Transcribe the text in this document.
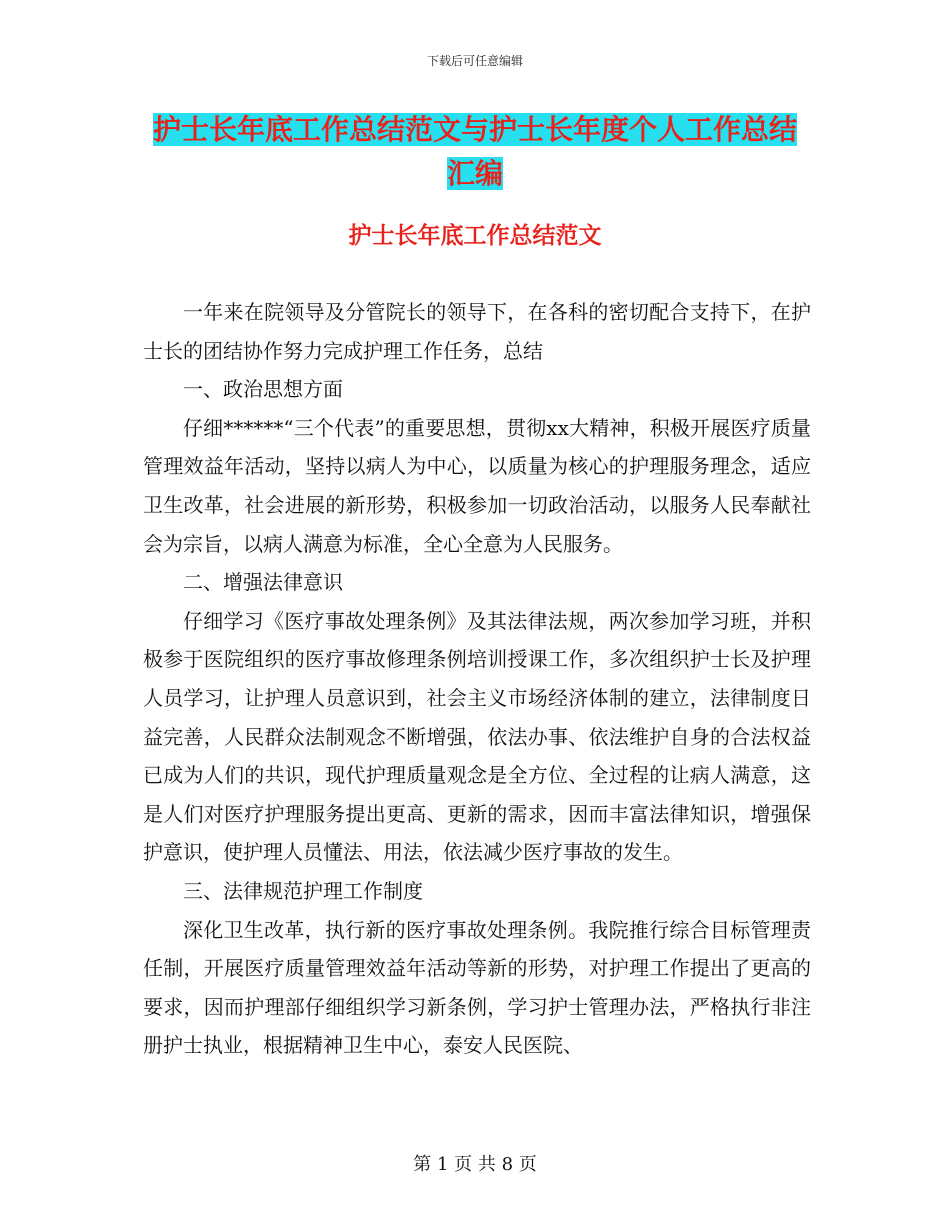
下载后可任意编辑
护士长年底工作总结范文与护士长年度个人工作总结
汇编
护士长年底工作总结范文

一年来在院领导及分管院长的领导下，在各科的密切配合支持下，在护士长的团结协作努力完成护理工作任务，总结

一、政治思想方面

仔细******“三个代表”的重要思想，贯彻xx大精神，积极开展医疗质量管理效益年活动，坚持以病人为中心，以质量为核心的护理服务理念，适应卫生改革，社会进展的新形势，积极参加一切政治活动，以服务人民奉献社会为宗旨，以病人满意为标准，全心全意为人民服务。

二、增强法律意识

仔细学习《医疗事故处理条例》及其法律法规，两次参加学习班，并积极参于医院组织的医疗事故修理条例培训授课工作，多次组织护士长及护理人员学习，让护理人员意识到，社会主义市场经济体制的建立，法律制度日益完善，人民群众法制观念不断增强，依法办事、依法维护自身的合法权益已成为人们的共识，现代护理质量观念是全方位、全过程的让病人满意，这是人们对医疗护理服务提出更高、更新的需求，因而丰富法律知识，增强保护意识，使护理人员懂法、用法，依法减少医疗事故的发生。

三、法律规范护理工作制度

深化卫生改革，执行新的医疗事故处理条例。我院推行综合目标管理责任制，开展医疗质量管理效益年活动等新的形势，对护理工作提出了更高的要求，因而护理部仔细组织学习新条例，学习护士管理办法，严格执行非注册护士执业，根据精神卫生中心，泰安人民医院、

第 1 页 共 8 页
